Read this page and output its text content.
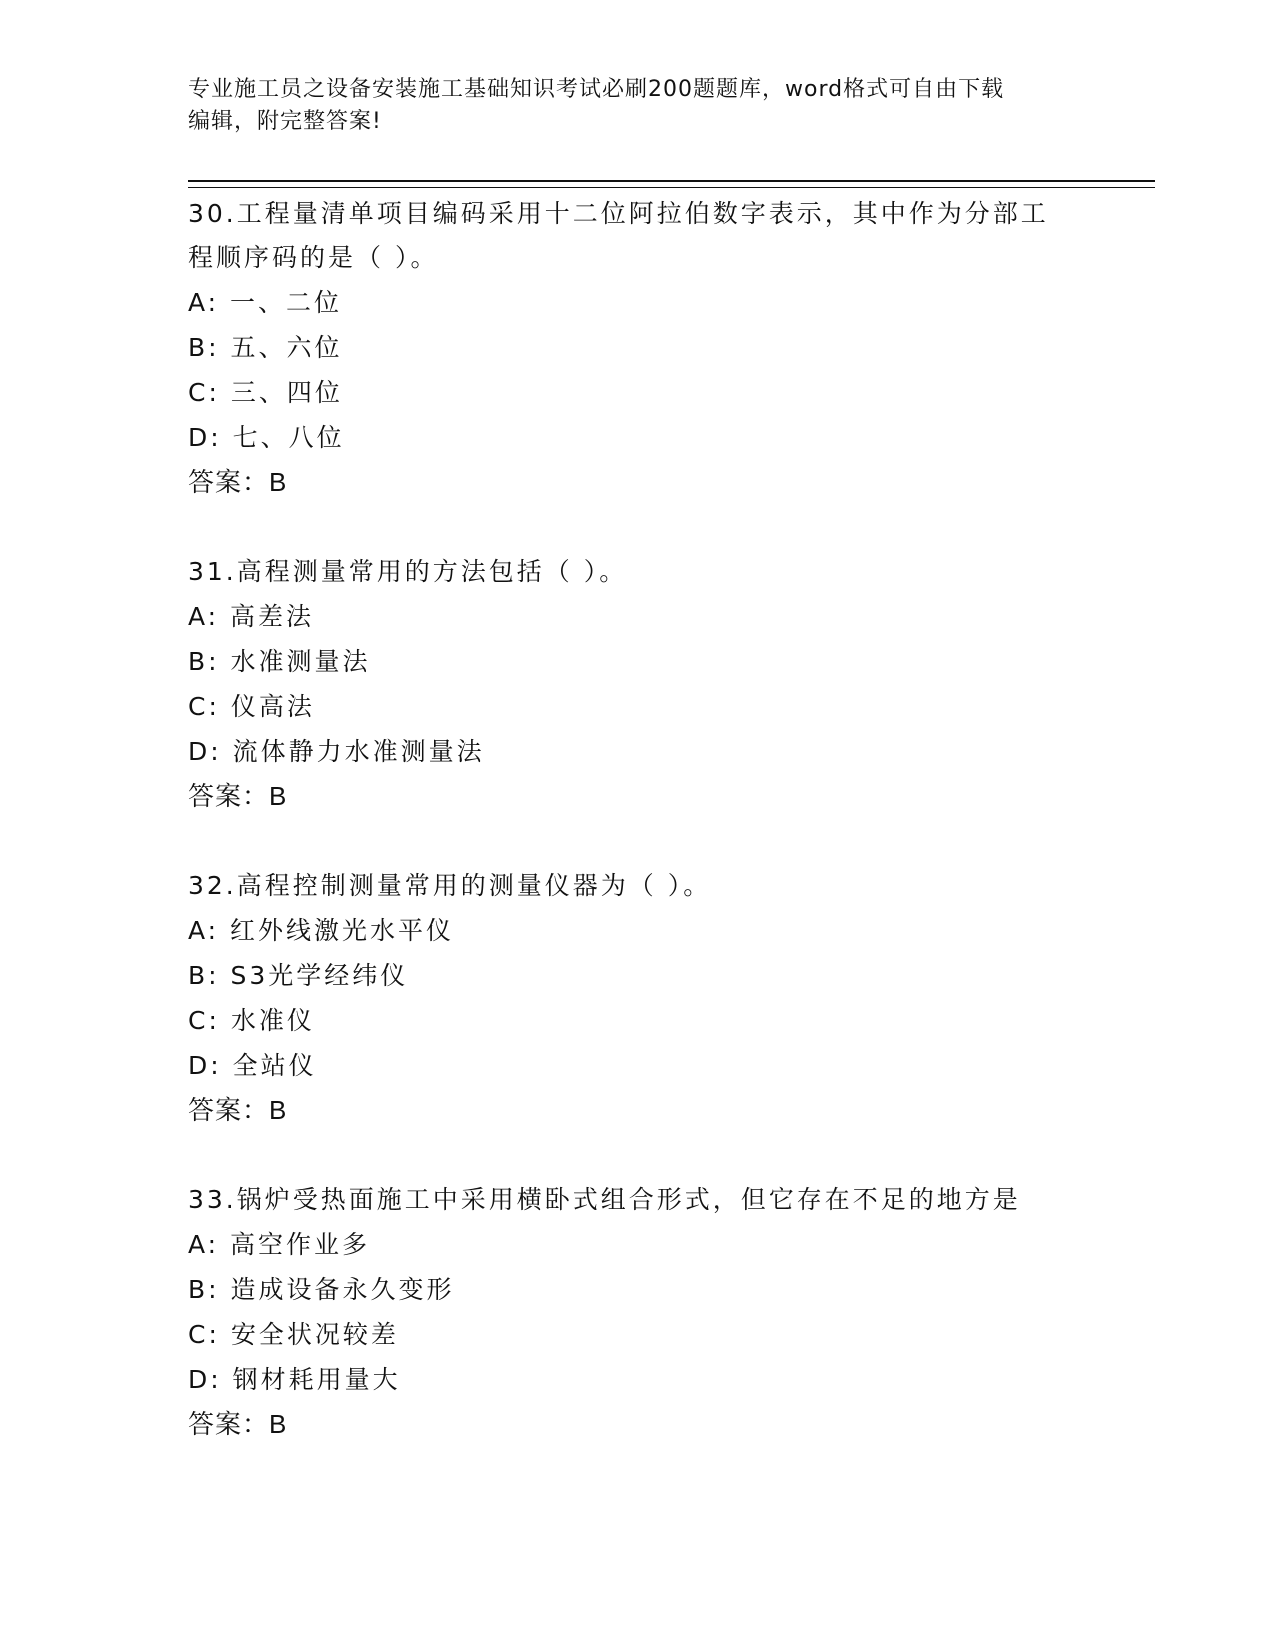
专业施工员之设备安装施工基础知识考试必刷200题题库，word格式可自由下载
编辑，附完整答案!
30.工程量清单项目编码采用十二位阿拉伯数字表示，其中作为分部工
程顺序码的是（ ）。
A: 一、二位
B: 五、六位
C: 三、四位
D: 七、八位
答案：B
31.高程测量常用的方法包括（ ）。
A: 高差法
B: 水准测量法
C: 仪高法
D: 流体静力水准测量法
答案：B
32.高程控制测量常用的测量仪器为（ ）。
A: 红外线激光水平仪
B: S3光学经纬仪
C: 水准仪
D: 全站仪
答案：B
33.锅炉受热面施工中采用横卧式组合形式，但它存在不足的地方是
A: 高空作业多
B: 造成设备永久变形
C: 安全状况较差
D: 钢材耗用量大
答案：B
